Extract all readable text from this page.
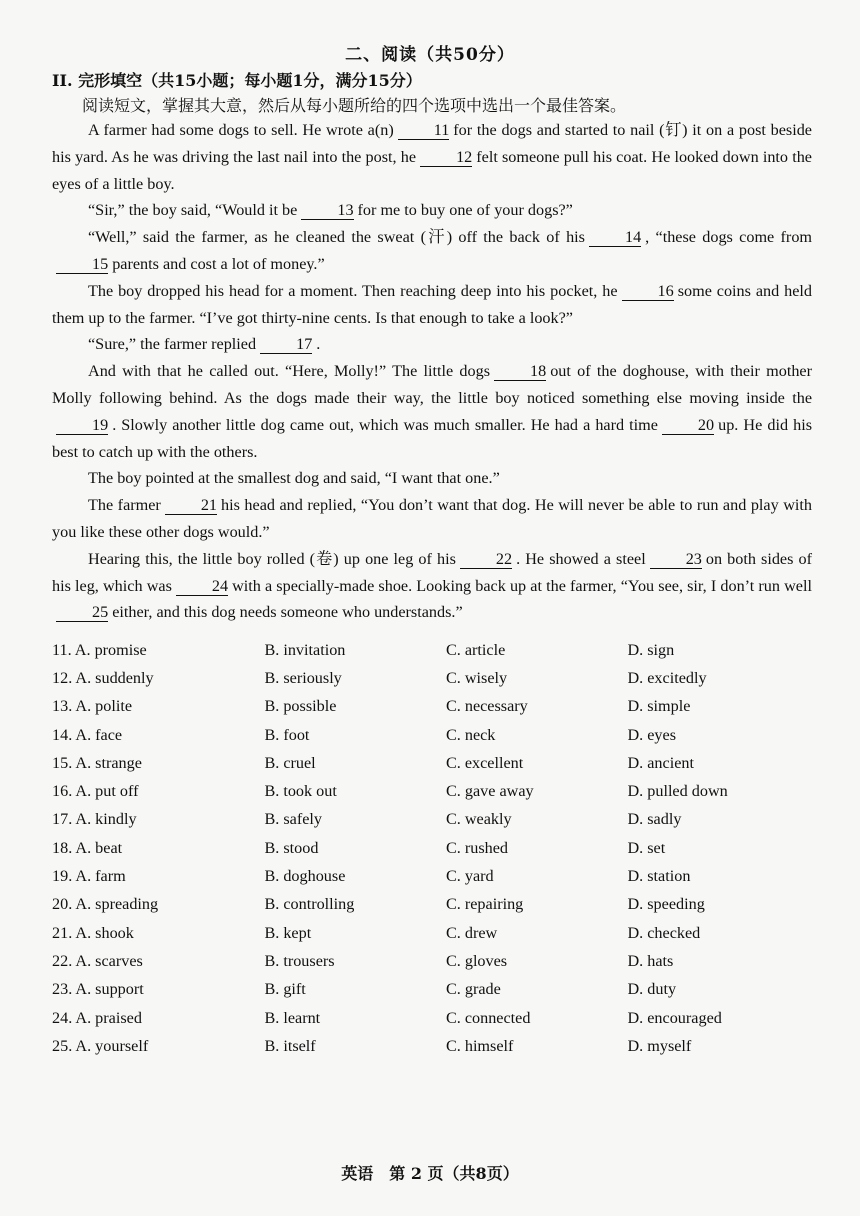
二、阅读（共50分）
II. 完形填空（共15小题；每小题1分，满分15分）
阅读短文，掌握其大意，然后从每小题所给的四个选项中选出一个最佳答案。

A farmer had some dogs to sell. He wrote a(n) 11 for the dogs and started to nail (钉) it on a post beside his yard. As he was driving the last nail into the post, he 12 felt someone pull his coat. He looked down into the eyes of a little boy.

“Sir,” the boy said, “Would it be 13 for me to buy one of your dogs?”

“Well,” said the farmer, as he cleaned the sweat (汗) off the back of his 14 , “these dogs come from15 parents and cost a lot of money.”

The boy dropped his head for a moment. Then reaching deep into his pocket, he 16 some coins and held them up to the farmer. “I’ve got thirty-nine cents. Is that enough to take a look?”

“Sure,” the farmer replied 17 .

And with that he called out. “Here, Molly!” The little dogs 18 out of the doghouse, with their mother Molly following behind. As the dogs made their way, the little boy noticed something else moving inside the19 . Slowly another little dog came out, which was much smaller. He had a hard time 20 up. He did his best to catch up with the others.

The boy pointed at the smallest dog and said, “I want that one.”

The farmer 21 his head and replied, “You don’t want that dog. He will never be able to run and play with you like these other dogs would.”

Hearing this, the little boy rolled (卷) up one leg of his 22 . He showed a steel 23 on both sides of his leg, which was 24 with a specially-made shoe. Looking back up at the farmer, “You see, sir, I don’t run well25 either, and this dog needs someone who understands.”

11. A. promise	B. invitation	C. article	D. sign
12. A. suddenly	B. seriously	C. wisely	D. excitedly
13. A. polite	B. possible	C. necessary	D. simple
14. A. face	B. foot	C. neck	D. eyes
15. A. strange	B. cruel	C. excellent	D. ancient
16. A. put off	B. took out	C. gave away	D. pulled down
17. A. kindly	B. safely	C. weakly	D. sadly
18. A. beat	B. stood	C. rushed	D. set
19. A. farm	B. doghouse	C. yard	D. station
20. A. spreading	B. controlling	C. repairing	D. speeding
21. A. shook	B. kept	C. drew	D. checked
22. A. scarves	B. trousers	C. gloves	D. hats
23. A. support	B. gift	C. grade	D. duty
24. A. praised	B. learnt	C. connected	D. encouraged
25. A. yourself	B. itself	C. himself	D. myself
英语　第 2 页（共8页）
